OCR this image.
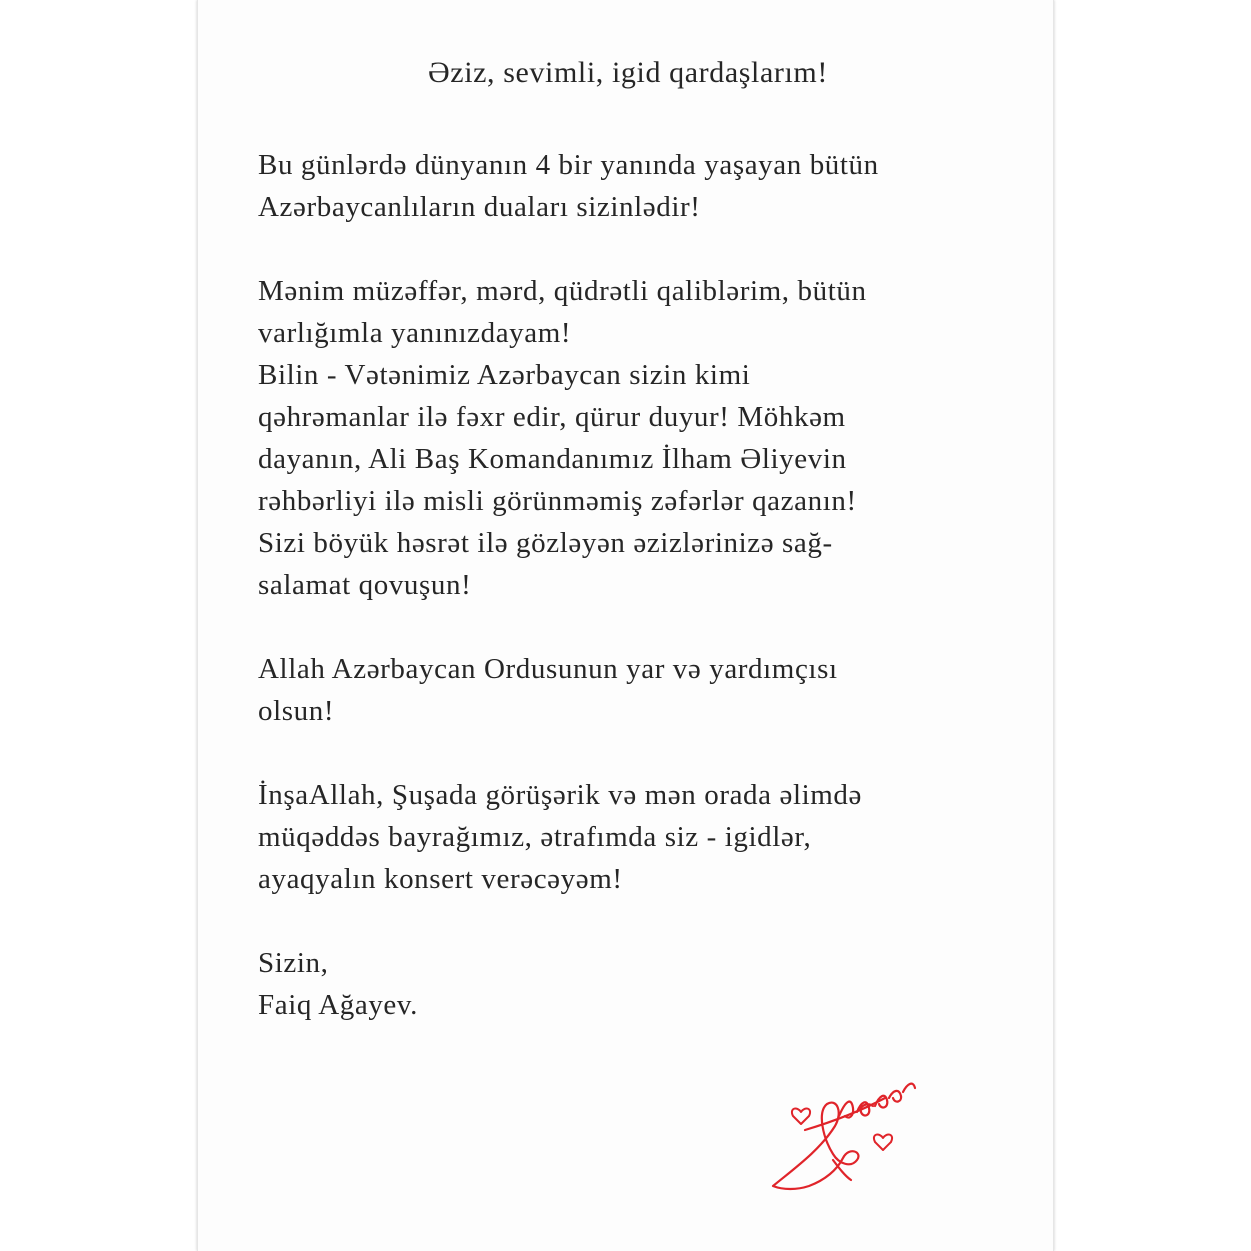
Əziz, sevimli, igid qardaşlarım!

Bu günlərdə dünyanın 4 bir yanında yaşayan bütün
Azərbaycanlıların duaları sizinlədir!

Mənim müzəffər, mərd, qüdrətli qaliblərim, bütün
varlığımla yanınızdayam!
Bilin - Vətənimiz Azərbaycan sizin kimi
qəhrəmanlar ilə fəxr edir, qürur duyur! Möhkəm
dayanın, Ali Baş Komandanımız İlham Əliyevin
rəhbərliyi ilə misli görünməmiş zəfərlər qazanın!
Sizi böyük həsrət ilə gözləyən əzizlərinizə sağ-
salamat qovuşun!

Allah Azərbaycan Ordusunun yar və yardımçısı
olsun!

İnşaAllah, Şuşada görüşərik və mən orada əlimdə
müqəddəs bayrağımız, ətrafımda siz - igidlər,
ayaqyalın konsert verəcəyəm!

Sizin,
Faiq Ağayev.
